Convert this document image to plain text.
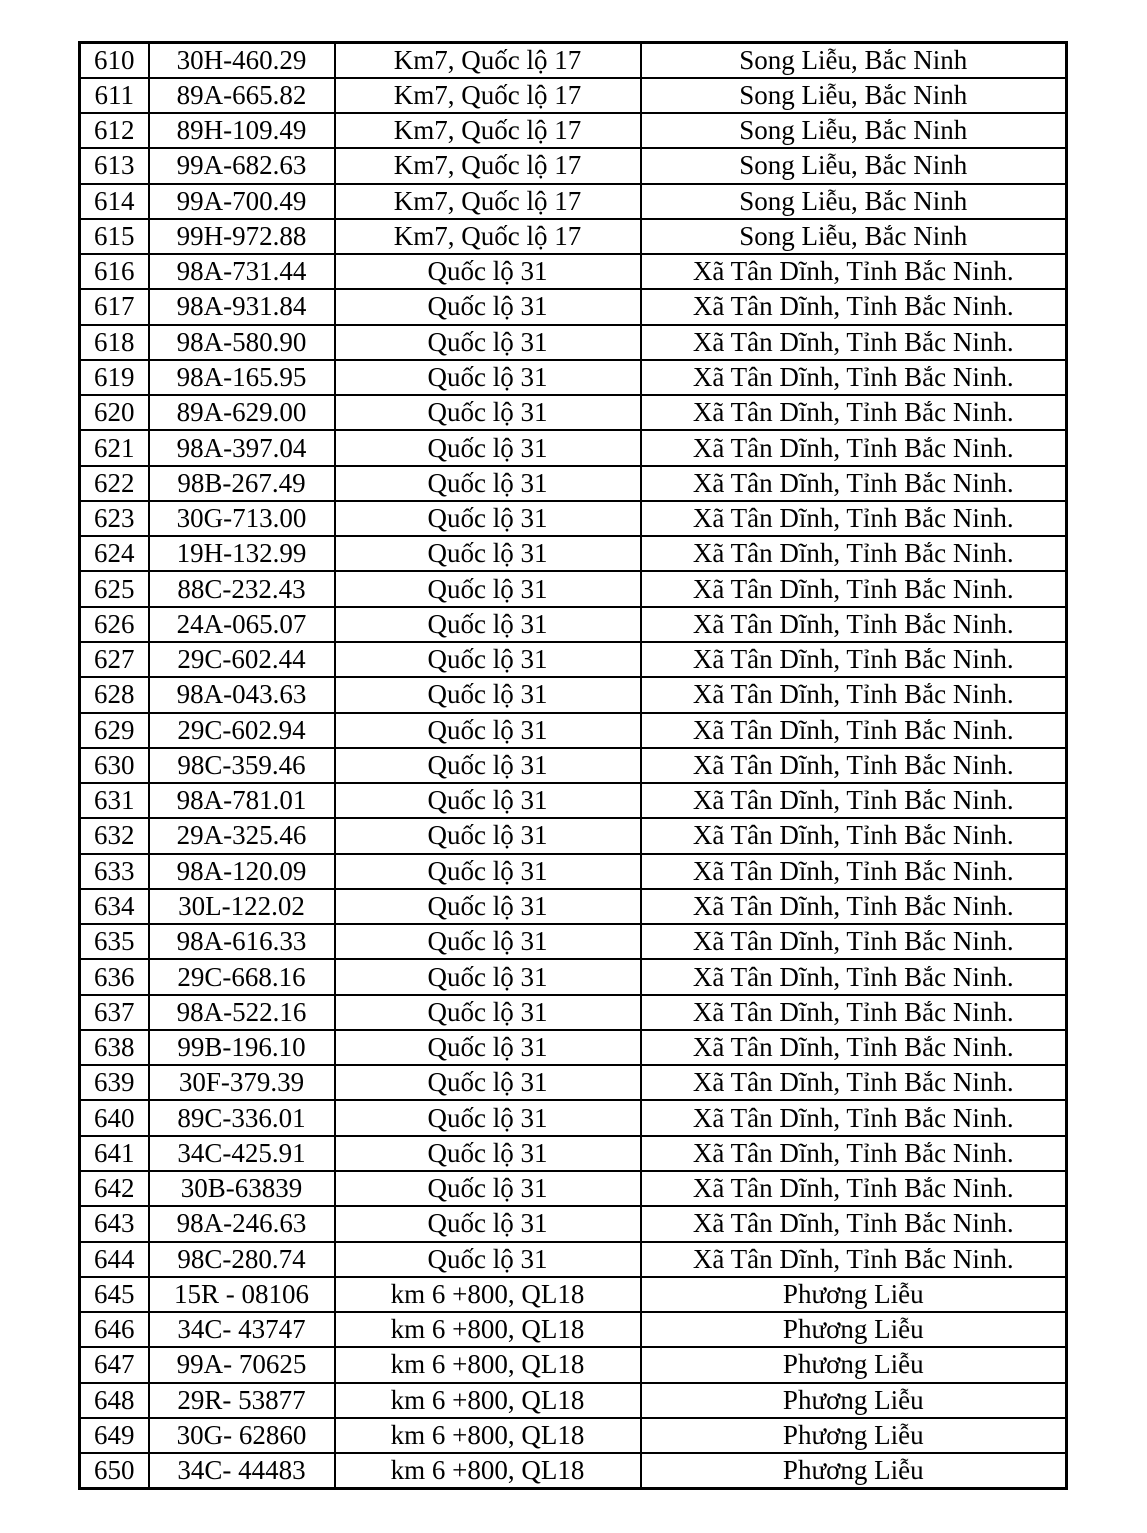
610	30H-460.29	Km7, Quốc lộ 17	Song Liễu, Bắc Ninh
611	89A-665.82	Km7, Quốc lộ 17	Song Liễu, Bắc Ninh
612	89H-109.49	Km7, Quốc lộ 17	Song Liễu, Bắc Ninh
613	99A-682.63	Km7, Quốc lộ 17	Song Liễu, Bắc Ninh
614	99A-700.49	Km7, Quốc lộ 17	Song Liễu, Bắc Ninh
615	99H-972.88	Km7, Quốc lộ 17	Song Liễu, Bắc Ninh
616	98A-731.44	Quốc lộ 31	Xã Tân Dĩnh, Tỉnh Bắc Ninh.
617	98A-931.84	Quốc lộ 31	Xã Tân Dĩnh, Tỉnh Bắc Ninh.
618	98A-580.90	Quốc lộ 31	Xã Tân Dĩnh, Tỉnh Bắc Ninh.
619	98A-165.95	Quốc lộ 31	Xã Tân Dĩnh, Tỉnh Bắc Ninh.
620	89A-629.00	Quốc lộ 31	Xã Tân Dĩnh, Tỉnh Bắc Ninh.
621	98A-397.04	Quốc lộ 31	Xã Tân Dĩnh, Tỉnh Bắc Ninh.
622	98B-267.49	Quốc lộ 31	Xã Tân Dĩnh, Tỉnh Bắc Ninh.
623	30G-713.00	Quốc lộ 31	Xã Tân Dĩnh, Tỉnh Bắc Ninh.
624	19H-132.99	Quốc lộ 31	Xã Tân Dĩnh, Tỉnh Bắc Ninh.
625	88C-232.43	Quốc lộ 31	Xã Tân Dĩnh, Tỉnh Bắc Ninh.
626	24A-065.07	Quốc lộ 31	Xã Tân Dĩnh, Tỉnh Bắc Ninh.
627	29C-602.44	Quốc lộ 31	Xã Tân Dĩnh, Tỉnh Bắc Ninh.
628	98A-043.63	Quốc lộ 31	Xã Tân Dĩnh, Tỉnh Bắc Ninh.
629	29C-602.94	Quốc lộ 31	Xã Tân Dĩnh, Tỉnh Bắc Ninh.
630	98C-359.46	Quốc lộ 31	Xã Tân Dĩnh, Tỉnh Bắc Ninh.
631	98A-781.01	Quốc lộ 31	Xã Tân Dĩnh, Tỉnh Bắc Ninh.
632	29A-325.46	Quốc lộ 31	Xã Tân Dĩnh, Tỉnh Bắc Ninh.
633	98A-120.09	Quốc lộ 31	Xã Tân Dĩnh, Tỉnh Bắc Ninh.
634	30L-122.02	Quốc lộ 31	Xã Tân Dĩnh, Tỉnh Bắc Ninh.
635	98A-616.33	Quốc lộ 31	Xã Tân Dĩnh, Tỉnh Bắc Ninh.
636	29C-668.16	Quốc lộ 31	Xã Tân Dĩnh, Tỉnh Bắc Ninh.
637	98A-522.16	Quốc lộ 31	Xã Tân Dĩnh, Tỉnh Bắc Ninh.
638	99B-196.10	Quốc lộ 31	Xã Tân Dĩnh, Tỉnh Bắc Ninh.
639	30F-379.39	Quốc lộ 31	Xã Tân Dĩnh, Tỉnh Bắc Ninh.
640	89C-336.01	Quốc lộ 31	Xã Tân Dĩnh, Tỉnh Bắc Ninh.
641	34C-425.91	Quốc lộ 31	Xã Tân Dĩnh, Tỉnh Bắc Ninh.
642	30B-63839	Quốc lộ 31	Xã Tân Dĩnh, Tỉnh Bắc Ninh.
643	98A-246.63	Quốc lộ 31	Xã Tân Dĩnh, Tỉnh Bắc Ninh.
644	98C-280.74	Quốc lộ 31	Xã Tân Dĩnh, Tỉnh Bắc Ninh.
645	15R - 08106	km 6 +800, QL18	Phương Liễu
646	34C- 43747	km 6 +800, QL18	Phương Liễu
647	99A- 70625	km 6 +800, QL18	Phương Liễu
648	29R- 53877	km 6 +800, QL18	Phương Liễu
649	30G- 62860	km 6 +800, QL18	Phương Liễu
650	34C- 44483	km 6 +800, QL18	Phương Liễu
